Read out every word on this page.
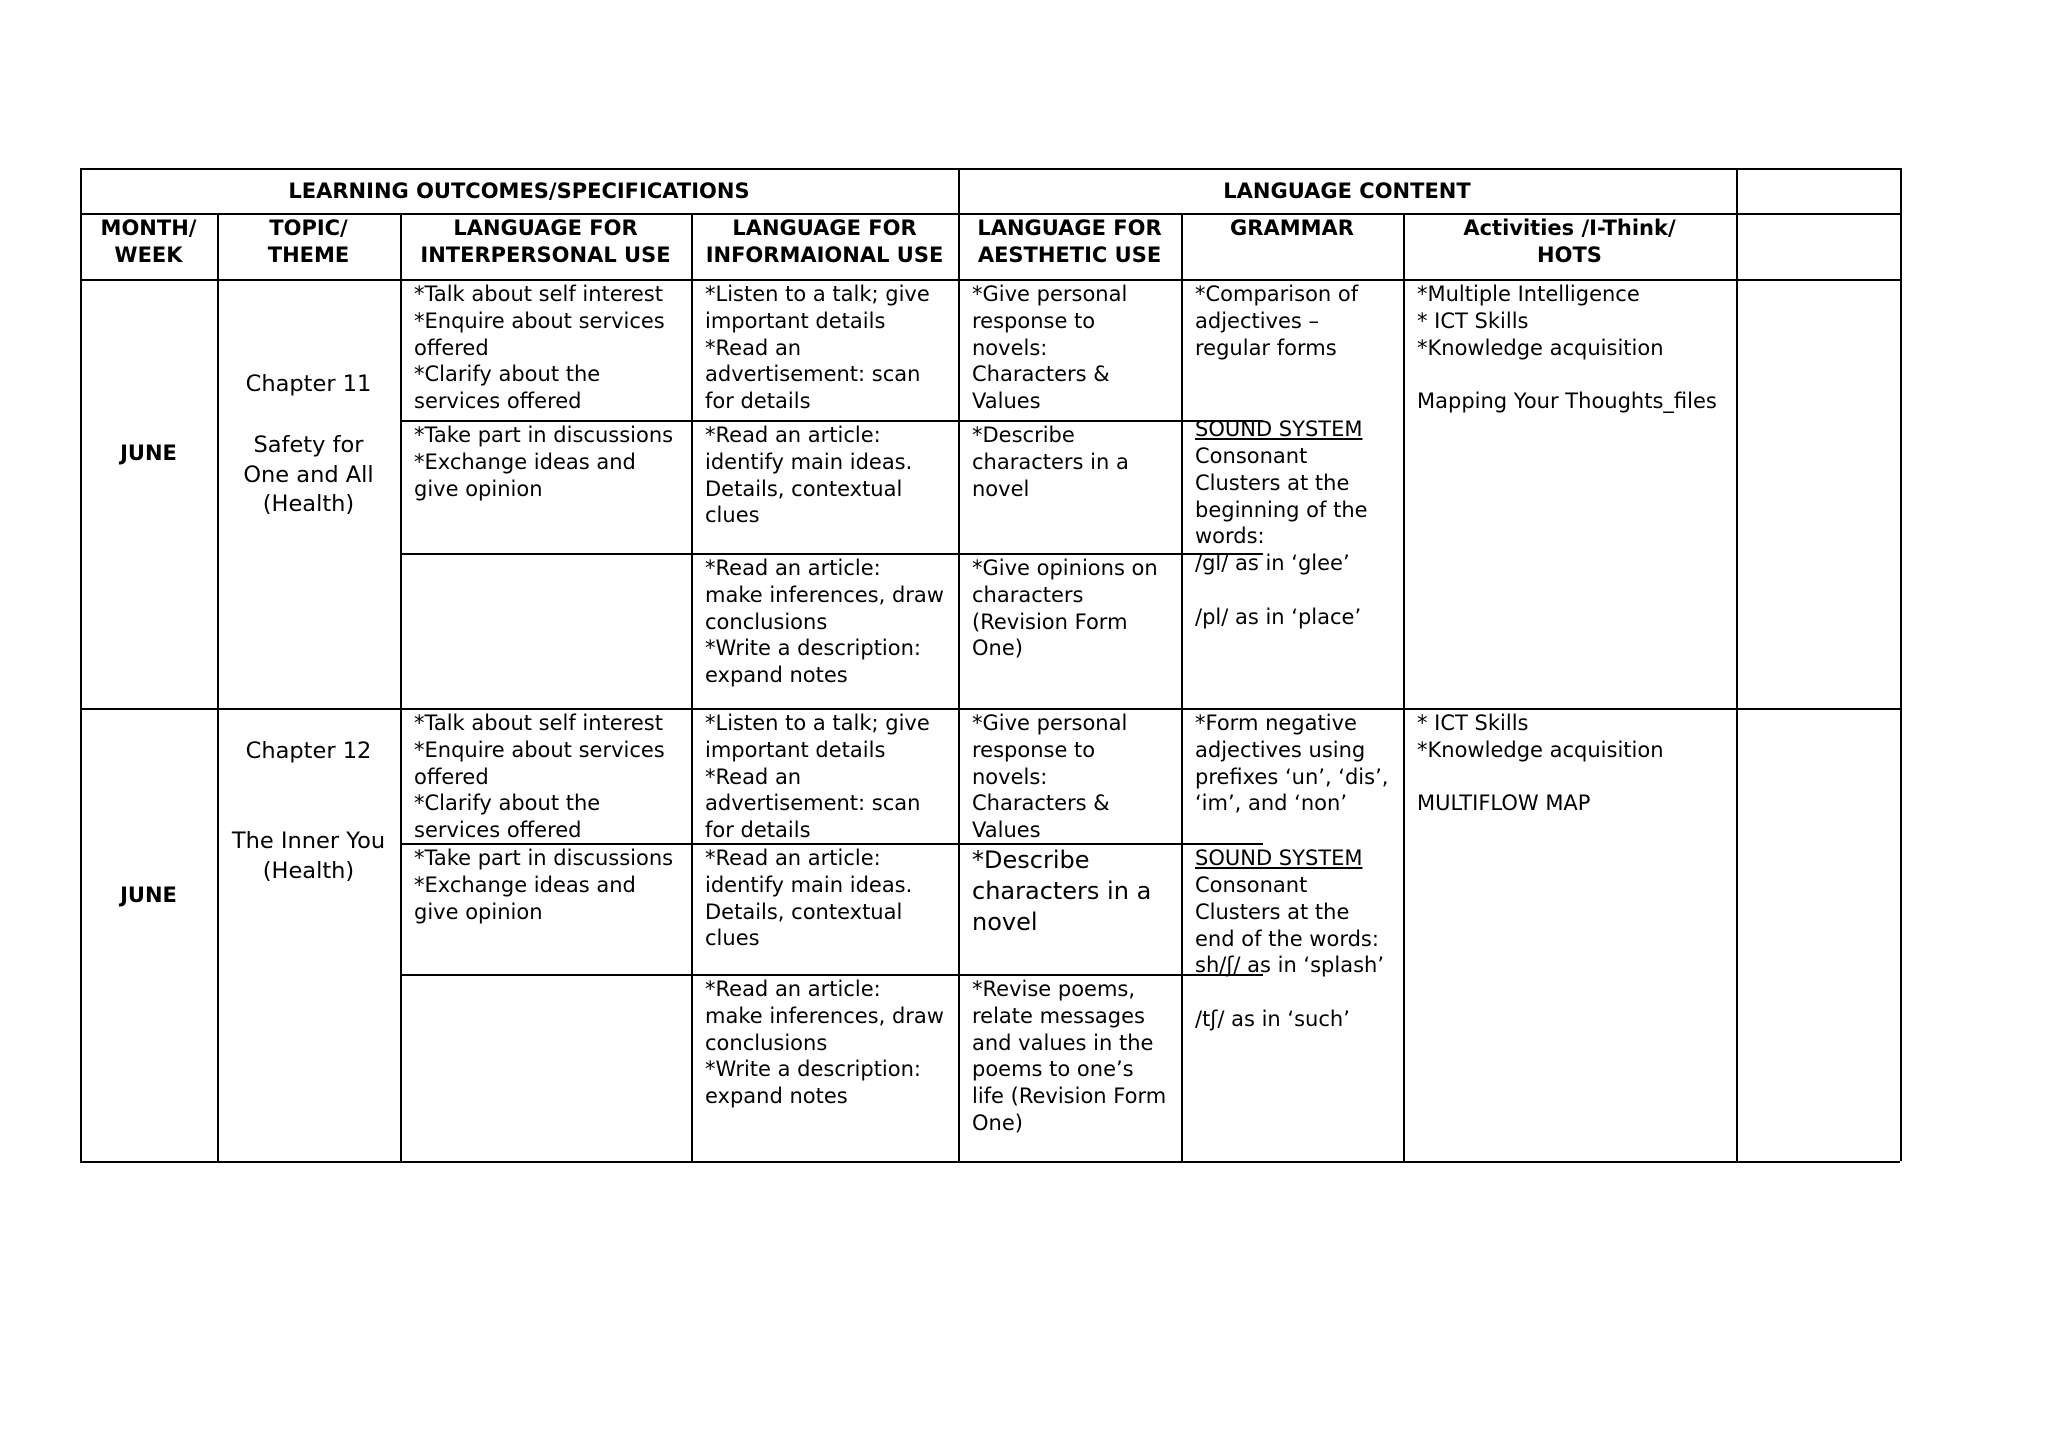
LEARNING OUTCOMES/SPECIFICATIONS	LANGUAGE CONTENT
MONTH/
WEEK
TOPIC/
THEME
LANGUAGE FOR
INTERPERSONAL USE
LANGUAGE FOR
INFORMAIONAL USE
LANGUAGE FOR
AESTHETIC USE
GRAMMAR	Activities /I-Think/
HOTS
JUNE
Chapter 11
Safety for
One and All
(Health)
*Talk about self interest
*Enquire about services offered
*Clarify about the services offered
*Take part in discussions
*Exchange ideas and give opinion
*Listen to a talk; give important details
*Read an advertisement: scan for details
*Read an article: identify main ideas. Details, contextual clues
*Read an article: make inferences, draw conclusions
*Write a description: expand notes
*Give personal response to novels: Characters & Values
*Describe characters in a novel
*Give opinions on characters (Revision Form One)
*Comparison of adjectives – regular forms
SOUND SYSTEM
Consonant Clusters at the beginning of the words:
/gl/ as in ‘glee’

/pl/ as in ‘place’
*Multiple Intelligence
* ICT Skills
*Knowledge acquisition

Mapping Your Thoughts_files
JUNE
Chapter 12
The Inner You
(Health)
*Talk about self interest
*Enquire about services offered
*Clarify about the services offered
*Take part in discussions
*Exchange ideas and give opinion
*Listen to a talk; give important details
*Read an advertisement: scan for details
*Read an article: identify main ideas. Details, contextual clues
*Read an article: make inferences, draw conclusions
*Write a description: expand notes
*Give personal response to novels: Characters & Values
*Describe characters in a novel
*Revise poems, relate messages and values in the poems to one’s life (Revision Form One)
*Form negative adjectives using prefixes ‘un’, ‘dis’, ‘im’, and ‘non’
SOUND SYSTEM
Consonant Clusters at the end of the words:
sh/ʃ/ as in ‘splash’

/tʃ/ as in ‘such’
* ICT Skills
*Knowledge acquisition

MULTIFLOW MAP
